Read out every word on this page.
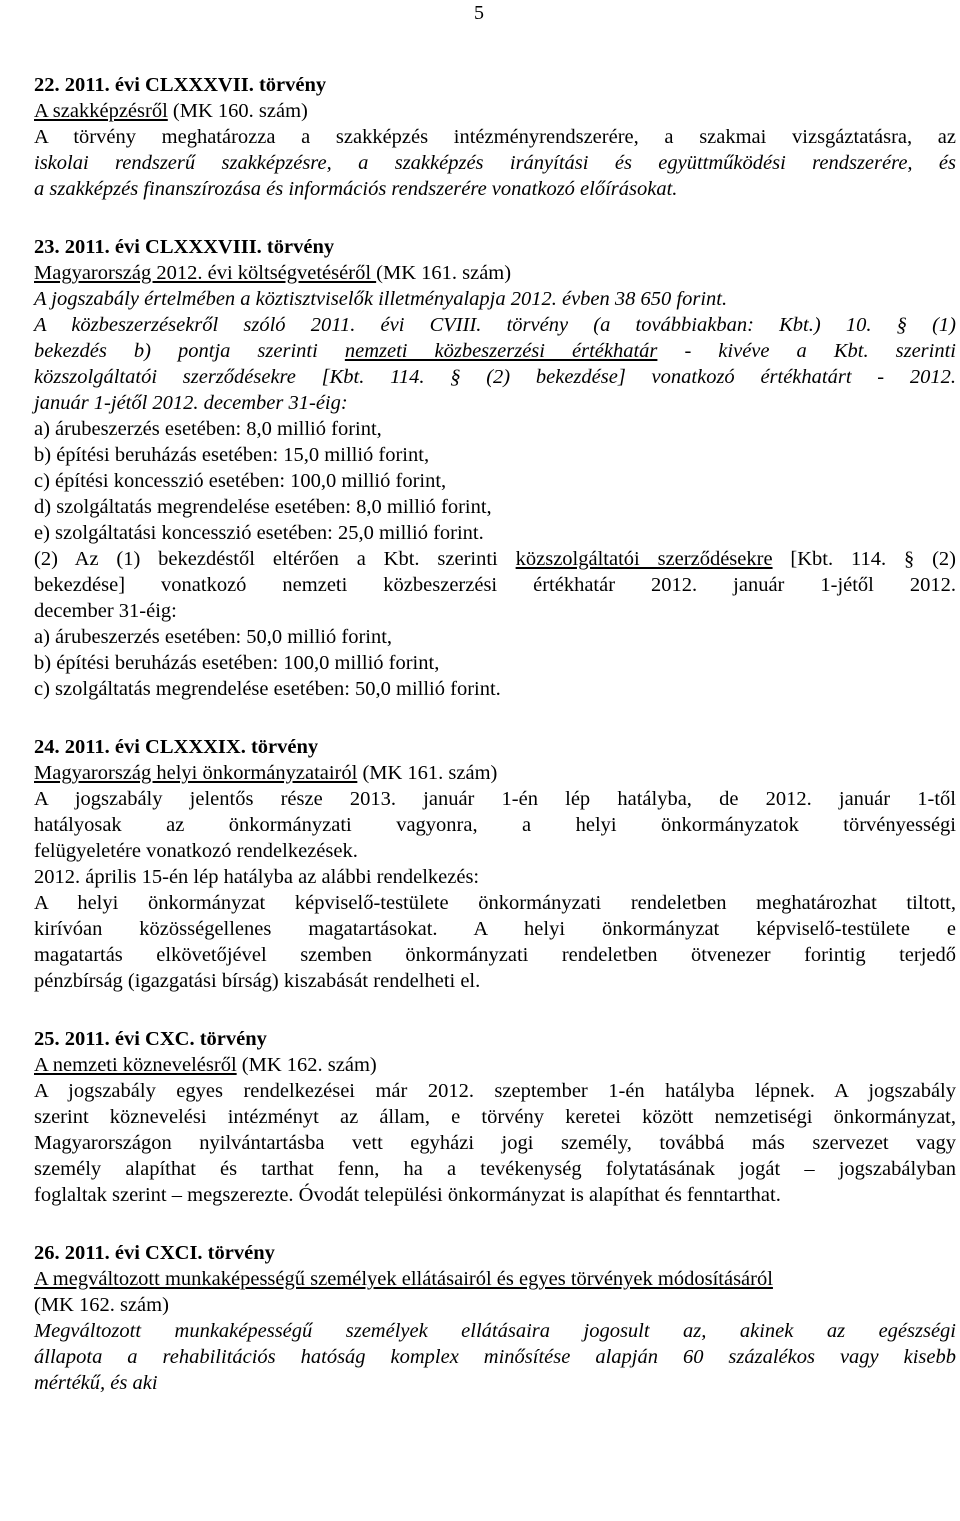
5
22. 2011. évi CLXXXVII. törvény
A szakképzésről (MK 160. szám)
A törvény meghatározza a szakképzés intézményrendszerére, a szakmai vizsgáztatásra, az
iskolai rendszerű szakképzésre, a szakképzés irányítási és együttműködési rendszerére, és
a szakképzés finanszírozása és információs rendszerére vonatkozó előírásokat.
23. 2011. évi CLXXXVIII. törvény
Magyarország 2012. évi költségvetéséről (MK 161. szám)
A jogszabály értelmében a köztisztviselők illetményalapja 2012. évben 38 650 forint.
A közbeszerzésekről szóló 2011. évi CVIII. törvény (a továbbiakban: Kbt.) 10. § (1)
bekezdés b) pontja szerinti nemzeti közbeszerzési értékhatár - kivéve a Kbt. szerinti
közszolgáltatói szerződésekre [Kbt. 114. § (2) bekezdése] vonatkozó értékhatárt - 2012.
január 1-jétől 2012. december 31-éig:
a) árubeszerzés esetében: 8,0 millió forint,
b) építési beruházás esetében: 15,0 millió forint,
c) építési koncesszió esetében: 100,0 millió forint,
d) szolgáltatás megrendelése esetében: 8,0 millió forint,
e) szolgáltatási koncesszió esetében: 25,0 millió forint.
(2) Az (1) bekezdéstől eltérően a Kbt. szerinti közszolgáltatói szerződésekre [Kbt. 114. § (2)
bekezdése] vonatkozó nemzeti közbeszerzési értékhatár 2012. január 1-jétől 2012.
december 31-éig:
a) árubeszerzés esetében: 50,0 millió forint,
b) építési beruházás esetében: 100,0 millió forint,
c) szolgáltatás megrendelése esetében: 50,0 millió forint.
24. 2011. évi CLXXXIX. törvény
Magyarország helyi önkormányzatairól (MK 161. szám)
A jogszabály jelentős része 2013. január 1-én lép hatályba, de 2012. január 1-től
hatályosak az önkormányzati vagyonra, a helyi önkormányzatok törvényességi
felügyeletére vonatkozó rendelkezések.
2012. április 15-én lép hatályba az alábbi rendelkezés:
A helyi önkormányzat képviselő-testülete önkormányzati rendeletben meghatározhat tiltott,
kirívóan közösségellenes magatartásokat. A helyi önkormányzat képviselő-testülete e
magatartás elkövetőjével szemben önkormányzati rendeletben ötvenezer forintig terjedő
pénzbírság (igazgatási bírság) kiszabását rendelheti el.
25. 2011. évi CXC. törvény
A nemzeti köznevelésről (MK 162. szám)
A jogszabály egyes rendelkezései már 2012. szeptember 1-én hatályba lépnek. A jogszabály
szerint köznevelési intézményt az állam, e törvény keretei között nemzetiségi önkormányzat,
Magyarországon nyilvántartásba vett egyházi jogi személy, továbbá más szervezet vagy
személy alapíthat és tarthat fenn, ha a tevékenység folytatásának jogát – jogszabályban
foglaltak szerint – megszerezte. Óvodát települési önkormányzat is alapíthat és fenntarthat.
26. 2011. évi CXCI. törvény
A megváltozott munkaképességű személyek ellátásairól és egyes törvények módosításáról
(MK 162. szám)
Megváltozott munkaképességű személyek ellátásaira jogosult az, akinek az egészségi
állapota a rehabilitációs hatóság komplex minősítése alapján 60 százalékos vagy kisebb
mértékű, és aki
